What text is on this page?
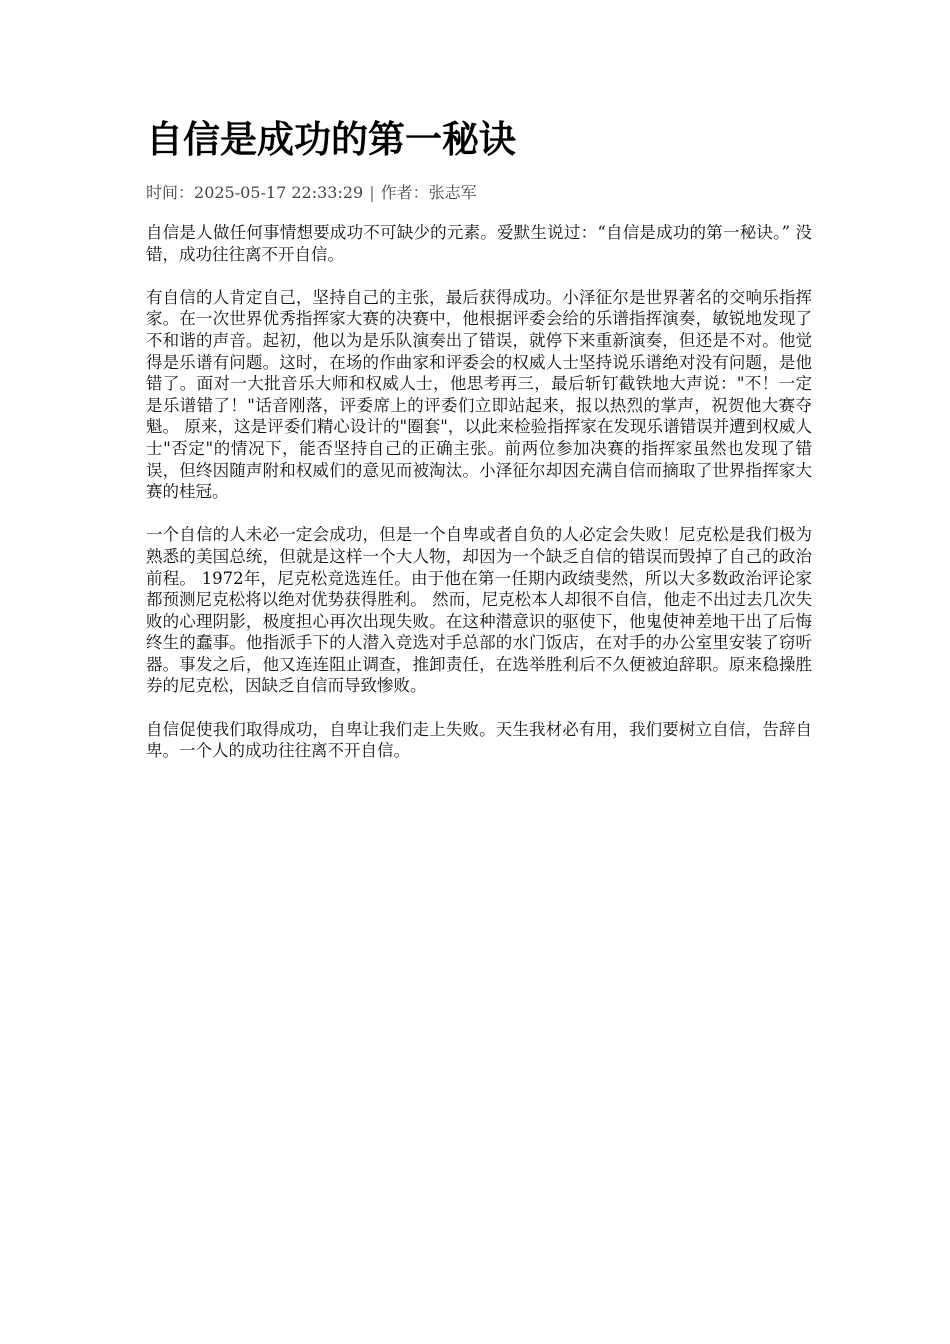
自信是成功的第一秘诀
时间：2025-05-17 22:33:29 | 作者：张志军

自信是人做任何事情想要成功不可缺少的元素。爱默生说过：“自信是成功的第一秘诀。” 没错，成功往往离不开自信。

有自信的人肯定自己，坚持自己的主张，最后获得成功。小泽征尔是世界著名的交响乐指挥家。在一次世界优秀指挥家大赛的决赛中，他根据评委会给的乐谱指挥演奏，敏锐地发现了不和谐的声音。起初，他以为是乐队演奏出了错误，就停下来重新演奏，但还是不对。他觉得是乐谱有问题。这时，在场的作曲家和评委会的权威人士坚持说乐谱绝对没有问题，是他错了。面对一大批音乐大师和权威人士，他思考再三，最后斩钉截铁地大声说："不！一定是乐谱错了！"话音刚落，评委席上的评委们立即站起来，报以热烈的掌声，祝贺他大赛夺魁。 原来，这是评委们精心设计的"圈套"，以此来检验指挥家在发现乐谱错误并遭到权威人士"否定"的情况下，能否坚持自己的正确主张。前两位参加决赛的指挥家虽然也发现了错误，但终因随声附和权威们的意见而被淘汰。小泽征尔却因充满自信而摘取了世界指挥家大赛的桂冠。

一个自信的人未必一定会成功，但是一个自卑或者自负的人必定会失败！尼克松是我们极为熟悉的美国总统，但就是这样一个大人物，却因为一个缺乏自信的错误而毁掉了自己的政治前程。 1972年，尼克松竞选连任。由于他在第一任期内政绩斐然，所以大多数政治评论家都预测尼克松将以绝对优势获得胜利。 然而，尼克松本人却很不自信，他走不出过去几次失败的心理阴影，极度担心再次出现失败。在这种潜意识的驱使下，他鬼使神差地干出了后悔终生的蠢事。他指派手下的人潜入竞选对手总部的水门饭店，在对手的办公室里安装了窃听器。事发之后，他又连连阻止调查，推卸责任，在选举胜利后不久便被迫辞职。原来稳操胜券的尼克松，因缺乏自信而导致惨败。

自信促使我们取得成功，自卑让我们走上失败。天生我材必有用，我们要树立自信，告辞自卑。一个人的成功往往离不开自信。
